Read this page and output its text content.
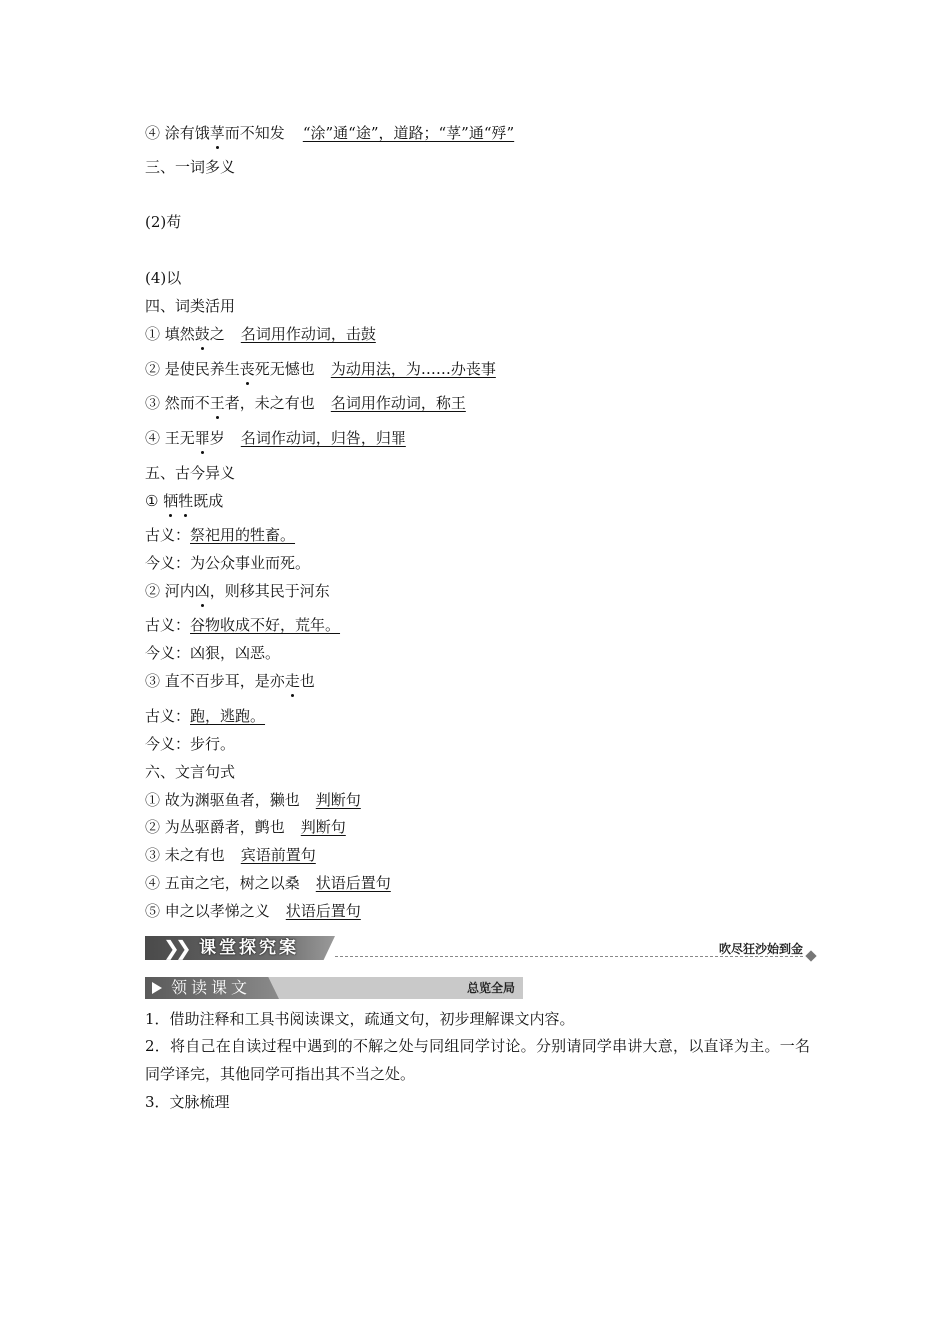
④ 涂有饿莩而不知发 “涂”通“途”，道路；“莩”通“殍”
三、一词多义
(2)苟
(4)以
四、词类活用
① 填然鼓之 名词用作动词，击鼓
② 是使民养生丧死无憾也 为动用法，为……办丧事
③ 然而不王者，未之有也 名词用作动词，称王
④ 王无罪岁 名词作动词，归咎，归罪
五、古今异义
① 牺牲既成
古义：祭祀用的牲畜。
今义：为公众事业而死。
② 河内凶，则移其民于河东
古义：谷物收成不好，荒年。
今义：凶狠，凶恶。
③ 直不百步耳，是亦走也
古义：跑，逃跑。
今义：步行。
六、文言句式
① 故为渊驱鱼者，獭也 判断句
② 为丛驱爵者，鹯也 判断句
③ 未之有也 宾语前置句
④ 五亩之宅，树之以桑 状语后置句
⑤ 申之以孝悌之义 状语后置句
❯
❯ 课堂探究案	吹尽狂沙始到金
领读课文	总览全局
1．借助注释和工具书阅读课文，疏通文句，初步理解课文内容。
2．将自己在自读过程中遇到的不解之处与同组同学讨论。分别请同学串讲大意，以直译为主。一名同学译完，其他同学可指出其不当之处。
3．文脉梳理
